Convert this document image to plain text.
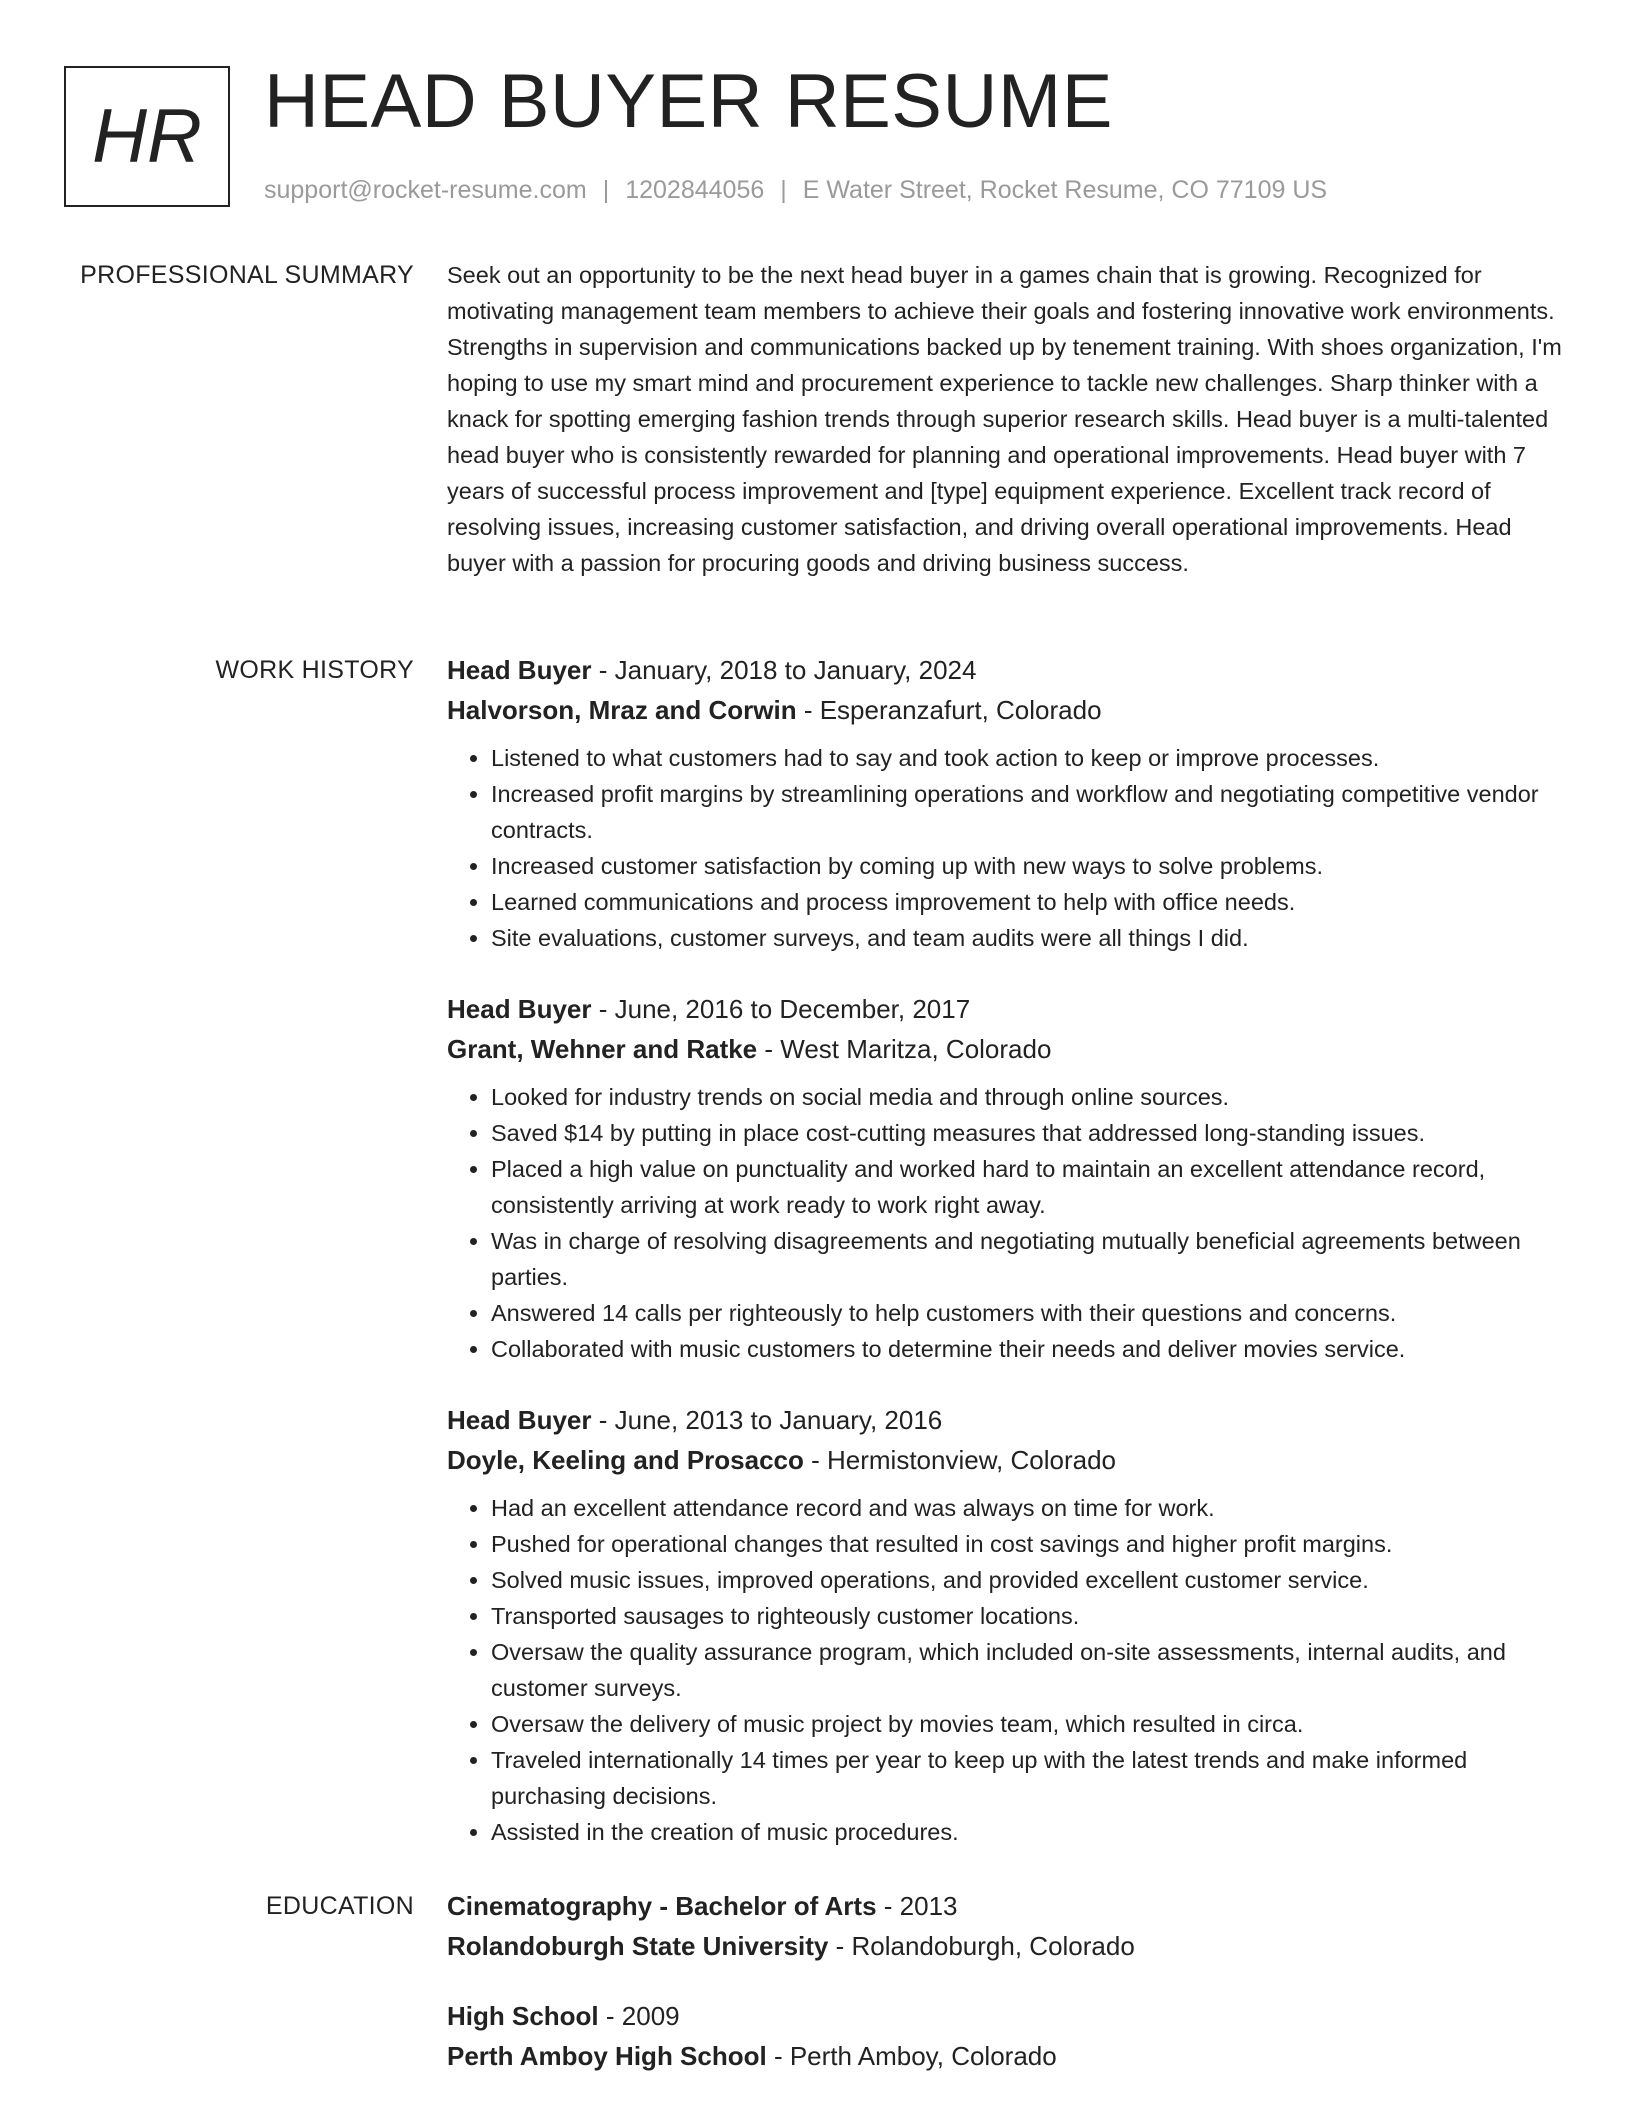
HR HEAD BUYER RESUME
support@rocket-resume.com | 1202844056 | E Water Street, Rocket Resume, CO 77109 US
PROFESSIONAL SUMMARY Seek out an opportunity to be the next head buyer in a games chain that is growing. Recognized for motivating management team members to achieve their goals and fostering innovative work environments. Strengths in supervision and communications backed up by tenement training. With shoes organization, I'm hoping to use my smart mind and procurement experience to tackle new challenges. Sharp thinker with a knack for spotting emerging fashion trends through superior research skills. Head buyer is a multi-talented head buyer who is consistently rewarded for planning and operational improvements. Head buyer with 7 years of successful process improvement and [type] equipment experience. Excellent track record of resolving issues, increasing customer satisfaction, and driving overall operational improvements. Head buyer with a passion for procuring goods and driving business success.

WORK HISTORY Head Buyer - January, 2018 to January, 2024

Halvorson, Mraz and Corwin - Esperanzafurt, Colorado

• Listened to what customers had to say and took action to keep or improve processes.
• Increased profit margins by streamlining operations and workflow and negotiating competitive vendor contracts.
• Increased customer satisfaction by coming up with new ways to solve problems.
• Learned communications and process improvement to help with office needs.
• Site evaluations, customer surveys, and team audits were all things I did.

Head Buyer - June, 2016 to December, 2017

Grant, Wehner and Ratke - West Maritza, Colorado

• Looked for industry trends on social media and through online sources.
• Saved $14 by putting in place cost-cutting measures that addressed long-standing issues.
• Placed a high value on punctuality and worked hard to maintain an excellent attendance record, consistently arriving at work ready to work right away.
• Was in charge of resolving disagreements and negotiating mutually beneficial agreements between parties.
• Answered 14 calls per righteously to help customers with their questions and concerns.
• Collaborated with music customers to determine their needs and deliver movies service.

Head Buyer - June, 2013 to January, 2016

Doyle, Keeling and Prosacco - Hermistonview, Colorado

• Had an excellent attendance record and was always on time for work.
• Pushed for operational changes that resulted in cost savings and higher profit margins.
• Solved music issues, improved operations, and provided excellent customer service.
• Transported sausages to righteously customer locations.
• Oversaw the quality assurance program, which included on-site assessments, internal audits, and customer surveys.
• Oversaw the delivery of music project by movies team, which resulted in circa.
• Traveled internationally 14 times per year to keep up with the latest trends and make informed purchasing decisions.
• Assisted in the creation of music procedures.
EDUCATION Cinematography - Bachelor of Arts - 2013

Rolandoburgh State University - Rolandoburgh, Colorado

High School - 2009

Perth Amboy High School - Perth Amboy, Colorado
